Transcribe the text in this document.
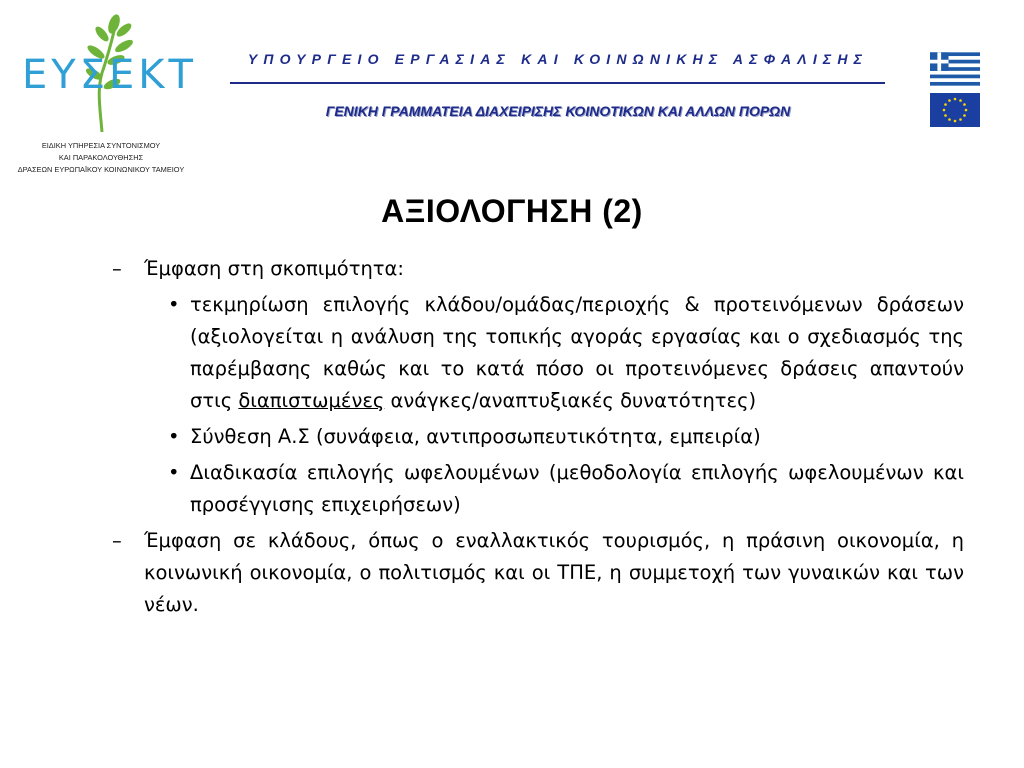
ΕΥΣΕΚΤ
ΕΙΔΙΚΗ ΥΠΗΡΕΣΙΑ ΣΥΝΤΟΝΙΣΜΟΥ
ΚΑΙ ΠΑΡΑΚΟΛΟΥΘΗΣΗΣ
ΔΡΑΣΕΩΝ ΕΥΡΩΠΑΪΚΟΥ ΚΟΙΝΩΝΙΚΟΥ ΤΑΜΕΙΟΥ
ΥΠΟΥΡΓΕΙΟ ΕΡΓΑΣΙΑΣ ΚΑΙ ΚΟΙΝΩΝΙΚΗΣ ΑΣΦΑΛΙΣΗΣ
ΓΕΝΙΚΗ ΓΡΑΜΜΑΤΕΙΑ ΔΙΑΧΕΙΡΙΣΗΣ ΚΟΙΝΟΤΙΚΩΝ ΚΑΙ ΑΛΛΩΝ ΠΟΡΩΝ
ΑΞΙΟΛΟΓΗΣΗ (2)
– Έμφαση στη σκοπιμότητα:
• τεκμηρίωση επιλογής κλάδου/ομάδας/περιοχής & προτεινόμενων δράσεων (αξιολογείται η ανάλυση της τοπικής αγοράς εργασίας και ο σχεδιασμός της παρέμβασης καθώς και το κατά πόσο οι προτεινόμενες δράσεις απαντούν στις διαπιστωμένες ανάγκες/αναπτυξιακές δυνατότητες)
• Σύνθεση Α.Σ (συνάφεια, αντιπροσωπευτικότητα, εμπειρία)
• Διαδικασία επιλογής ωφελουμένων (μεθοδολογία επιλογής ωφελουμένων και προσέγγισης επιχειρήσεων)
– Έμφαση σε κλάδους, όπως ο εναλλακτικός τουρισμός, η πράσινη οικονομία, η κοινωνική οικονομία, ο πολιτισμός και οι ΤΠΕ, η συμμετοχή των γυναικών και των νέων.
